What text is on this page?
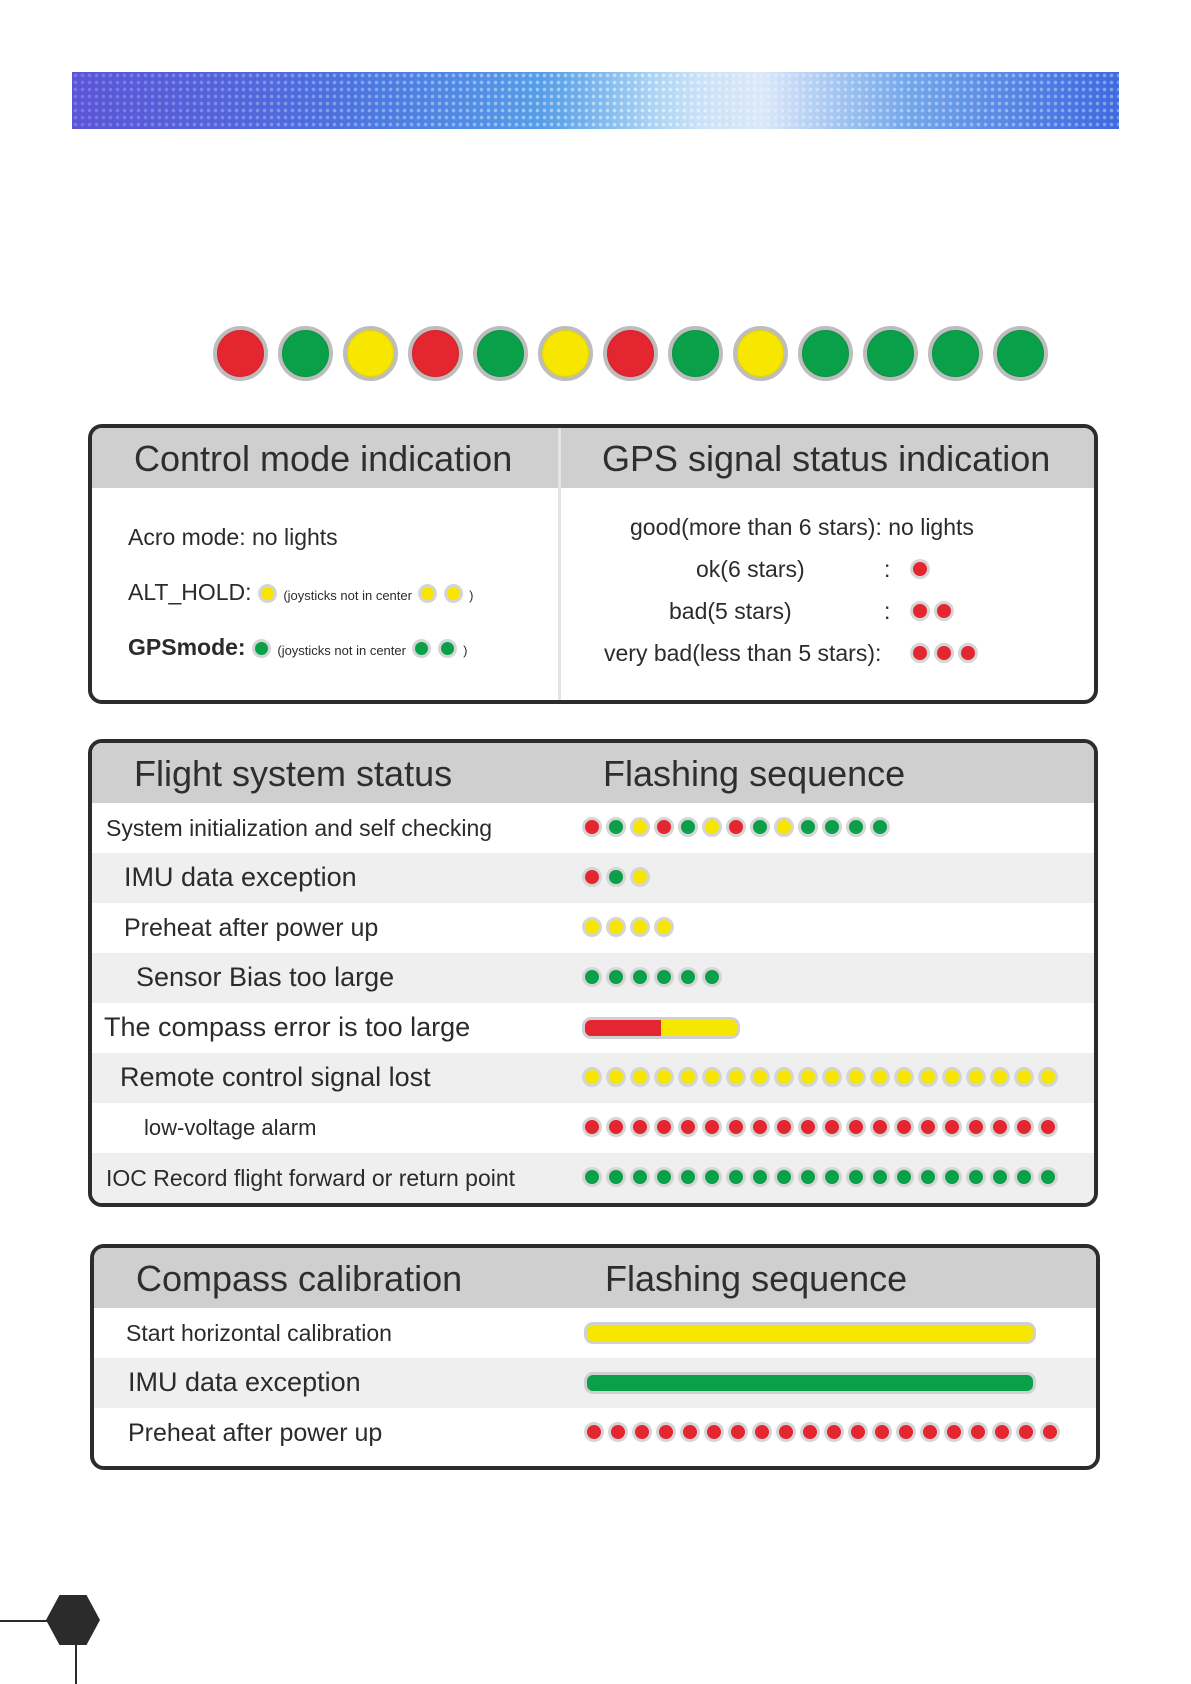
Control mode indication GPS signal status indication
Acro mode: no lights
ALT_HOLD: (joysticks not in center	)
GPSmode: (joysticks not in center	)
good(more than 6 stars): no lights
ok(6 stars)	:
bad(5 stars)	:
very bad(less than 5 stars):
Flight system status	Flashing sequence
System initialization and self checking
IMU data exception
Preheat after power up
Sensor Bias too large
The compass error is too large
Remote control signal lost
low-voltage alarm
IOC Record flight forward or return point
Compass calibration	Flashing sequence
Start horizontal calibration
IMU data exception
Preheat after power up
